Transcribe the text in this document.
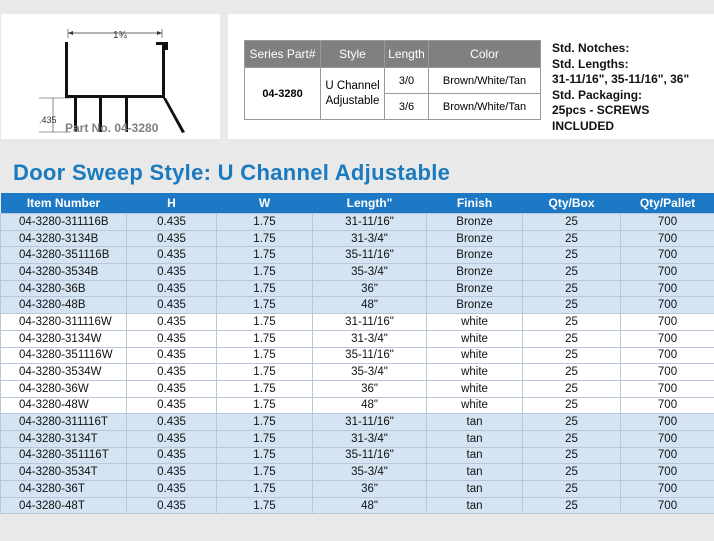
1¾
.435
Part No. 04-3280
Series Part#	Style	Length	Color
04-3280	U Channel
Adjustable	3/0	Brown/White/Tan
		3/6	Brown/White/Tan
Std. Notches:
Std. Lengths:
31-11/16", 35-11/16", 36"
Std. Packaging:
25pcs - SCREWS
INCLUDED
Door Sweep Style: U Channel Adjustable
Item Number	H	W	Length"	Finish	Qty/Box	Qty/Pallet
04-3280-311116B	0.435	1.75	31-11/16"	Bronze	25	700
04-3280-3134B	0.435	1.75	31-3/4"	Bronze	25	700
04-3280-351116B	0.435	1.75	35-11/16"	Bronze	25	700
04-3280-3534B	0.435	1.75	35-3/4"	Bronze	25	700
04-3280-36B	0.435	1.75	36"	Bronze	25	700
04-3280-48B	0.435	1.75	48"	Bronze	25	700
04-3280-311116W	0.435	1.75	31-11/16"	white	25	700
04-3280-3134W	0.435	1.75	31-3/4"	white	25	700
04-3280-351116W	0.435	1.75	35-11/16"	white	25	700
04-3280-3534W	0.435	1.75	35-3/4"	white	25	700
04-3280-36W	0.435	1.75	36"	white	25	700
04-3280-48W	0.435	1.75	48"	white	25	700
04-3280-311116T	0.435	1.75	31-11/16"	tan	25	700
04-3280-3134T	0.435	1.75	31-3/4"	tan	25	700
04-3280-351116T	0.435	1.75	35-11/16"	tan	25	700
04-3280-3534T	0.435	1.75	35-3/4"	tan	25	700
04-3280-36T	0.435	1.75	36"	tan	25	700
04-3280-48T	0.435	1.75	48"	tan	25	700
